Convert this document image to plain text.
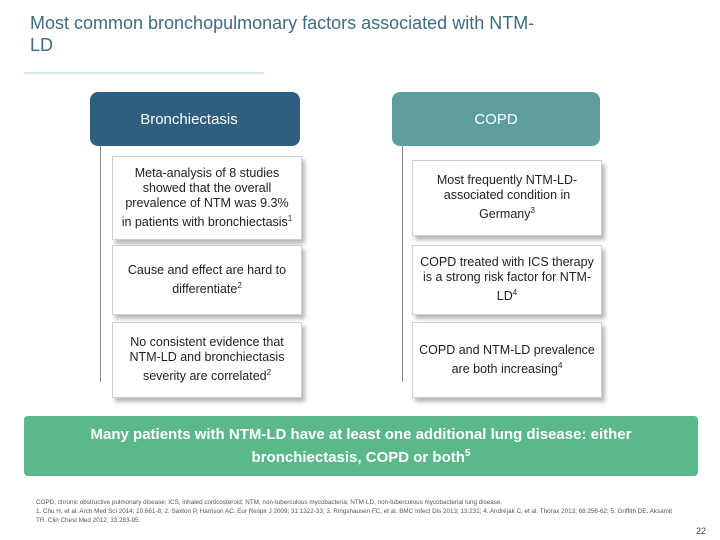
Most common bronchopulmonary factors associated with NTM-LD
Bronchiectasis
Meta-analysis of 8 studies showed that the overall prevalence of NTM was 9.3% in patients with bronchiectasis$^1$
Cause and effect are hard to differentiate$^2$
No consistent evidence that NTM-LD and bronchiectasis severity are correlated$^2$
COPD
Most frequently NTM-LD-associated condition in Germany$^3$
COPD treated with ICS therapy is a strong risk factor for NTM-$LD^4$
COPD and NTM-LD prevalence are both increasing$^4$
Many patients with NTM-LD have at least one additional lung disease: either bronchiectasis, COPD or both$^5$
COPD, chronic obstructive pulmonary disease; ICS, inhaled corticosteroid; NTM, non-tuberculous mycobacteria; NTM-LD, non-tuberculous mycobacterial lung disease.
1. Chu H, et al. Arch Med Sci 2014; 10:661-8; 2. Saxton P, Harrison AC. Eur Respir J 2009; 31:1322-33; 3. Ringshausen FC, et al. BMC Infect Dis 2013; 13:231; 4. Andréjak C, et al. Thorax 2013; 68:256-62; 5. Griffith DE, Aksamit TR. Clin Chest Med 2012; 33:283-95.
22
